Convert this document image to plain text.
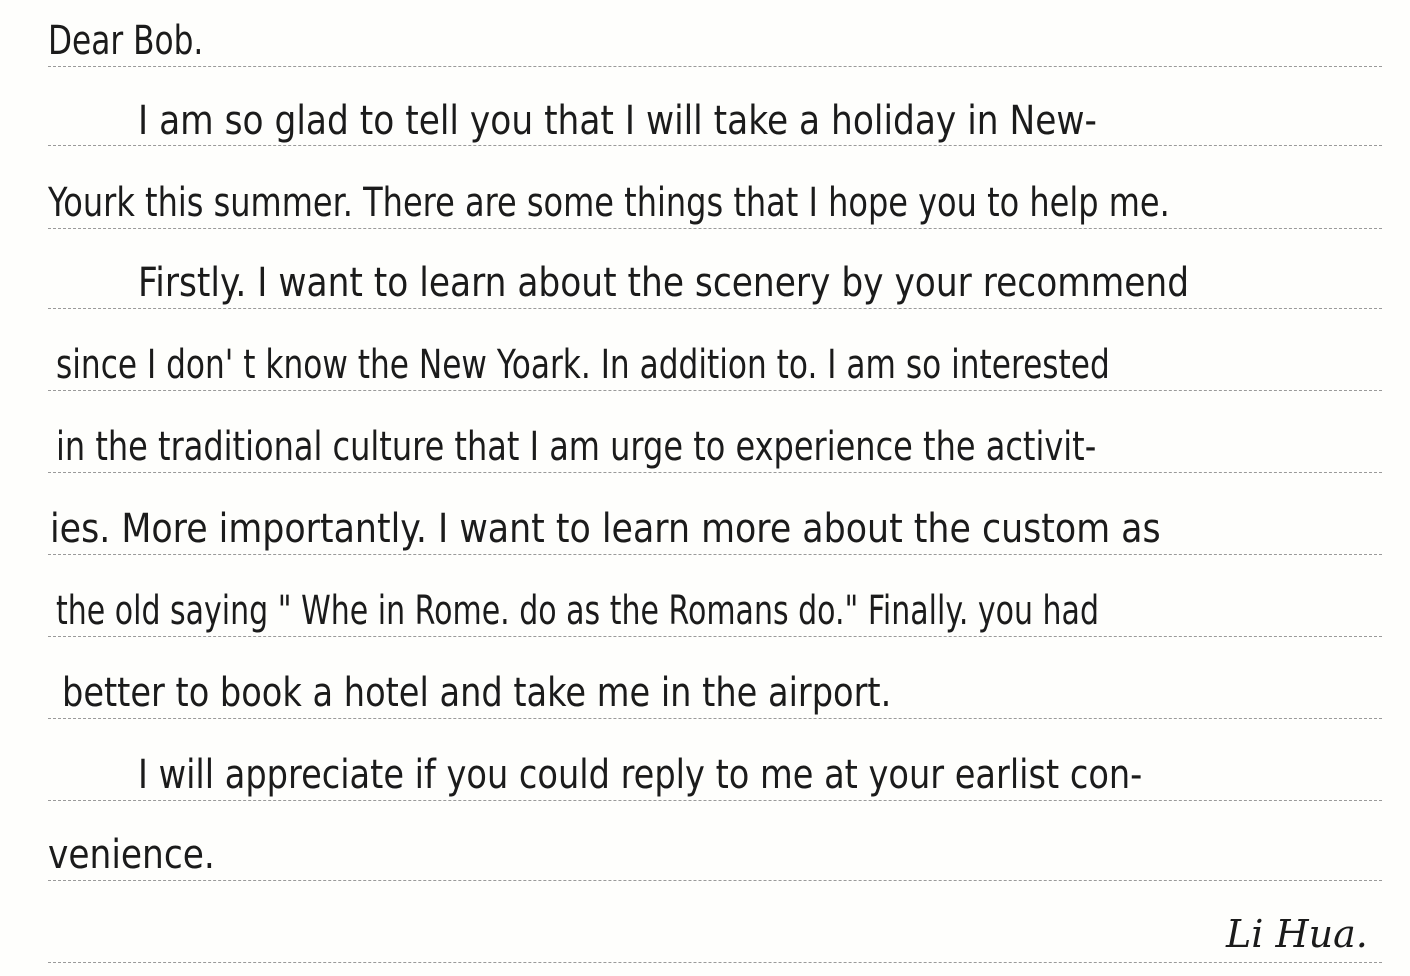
Dear Bob.
I am so glad to tell you that I will take a holiday in New-
Yourk this summer. There are some things that I hope you to help me.
Firstly. I want to learn about the scenery by your recommend
since I don' t know the New Yoark. In addition to. I am so interested
in the traditional culture that I am urge to experience the activit-
ies. More importantly. I want to learn more about the custom as
the old saying " Whe in Rome. do as the Romans do." Finally. you had
better to book a hotel and take me in the airport.
I will appreciate if you could reply to me at your earlist con-
venience.
Li Hua.
